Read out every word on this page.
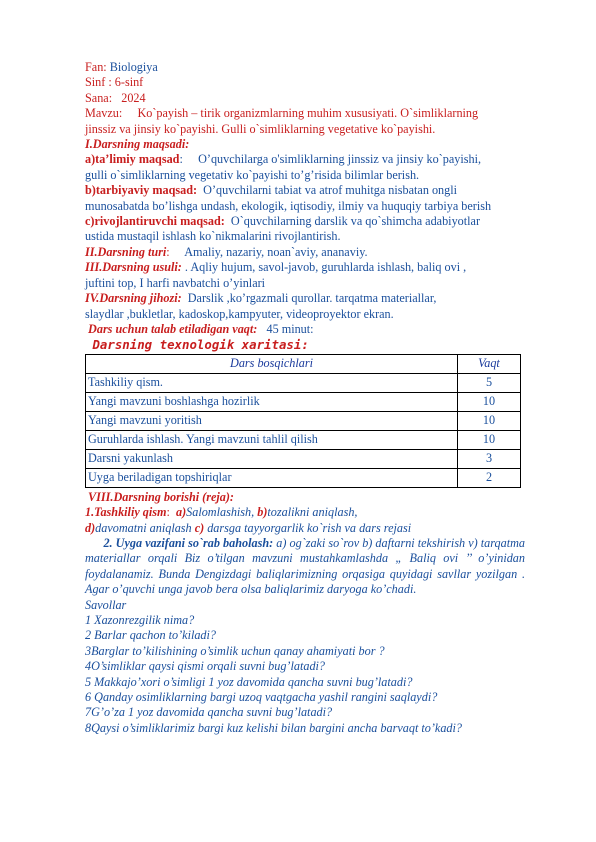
Fan: Biologiya
Sinf : 6-sinf
Sana: 2024
Mavzu: Ko`payish – tirik organizmlarning muhim xususiyati. O`simliklarning
jinssiz va jinsiy ko`payishi. Gulli o`simliklarning vegetative ko`payishi.
I.Darsning maqsadi:
a)ta’limiy maqsad: O’quvchilarga o'simliklarning jinssiz va jinsiy ko`payishi,
gulli o`simliklarning vegetativ ko`payishi to’g’risida bilimlar berish.
b)tarbiyaviy maqsad: O’quvchilarni tabiat va atrof muhitga nisbatan ongli
munosabatda bo’lishga undash, ekologik, iqtisodiy, ilmiy va huquqiy tarbiya berish
c)rivojlantiruvchi maqsad: O`quvchilarning darslik va qo`shimcha adabiyotlar
ustida mustaqil ishlash ko`nikmalarini rivojlantirish.
II.Darsning turi: Amaliy, nazariy, noan`aviy, ananaviy.
III.Darsning usuli: . Aqliy hujum, savol-javob, guruhlarda ishlash, baliq ovi ,
juftini top, I harfi navbatchi o’yinlari
IV.Darsning jihozi: Darslik ,ko’rgazmali qurollar. tarqatma materiallar,
slaydlar ,bukletlar, kadoskop,kampyuter, videoproyektor ekran.
Dars uchun talab etiladigan vaqt: 45 minut:
Darsning texnologik xaritasi:
Dars bosqichlari	Vaqt
Tashkiliy qism.	5
Yangi mavzuni boshlashga hozirlik	10
Yangi mavzuni yoritish	10
Guruhlarda ishlash. Yangi mavzuni tahlil qilish	10
Darsni yakunlash	3
Uyga beriladigan topshiriqlar	2
VIII.Darsning borishi (reja):
1.Tashkiliy qism: a)Salomlashish, b)tozalikni aniqlash,
d)davomatni aniqlash c) darsga tayyorgarlik ko`rish va dars rejasi
2. Uyga vazifani so`rab baholash: a) og`zaki so`rov b) daftarni tekshirish v) tarqatma materiallar orqali Biz o’tilgan mavzuni mustahkamlashda „ Baliq ovi ’’ o’yinidan foydalanamiz. Bunda Dengizdagi baliqlarimizning orqasiga quyidagi savllar yozilgan . Agar o’quvchi unga javob bera olsa baliqlarimiz daryoga ko’chadi.
Savollar
1 Xazonrezgilik nima?
2 Barlar qachon to’kiladi?
3Barglar to’kilishining o’simlik uchun qanay ahamiyati bor ?
4O’simliklar qaysi qismi orqali suvni bug’latadi?
5 Makkajo’xori o’simligi 1 yoz davomida qancha suvni bug’latadi?
6 Qanday osimliklarning bargi uzoq vaqtgacha yashil rangini saqlaydi?
7G’o’za 1 yoz davomida qancha suvni bug’latadi?
8Qaysi o’simliklarimiz bargi kuz kelishi bilan bargini ancha barvaqt to’kadi?
